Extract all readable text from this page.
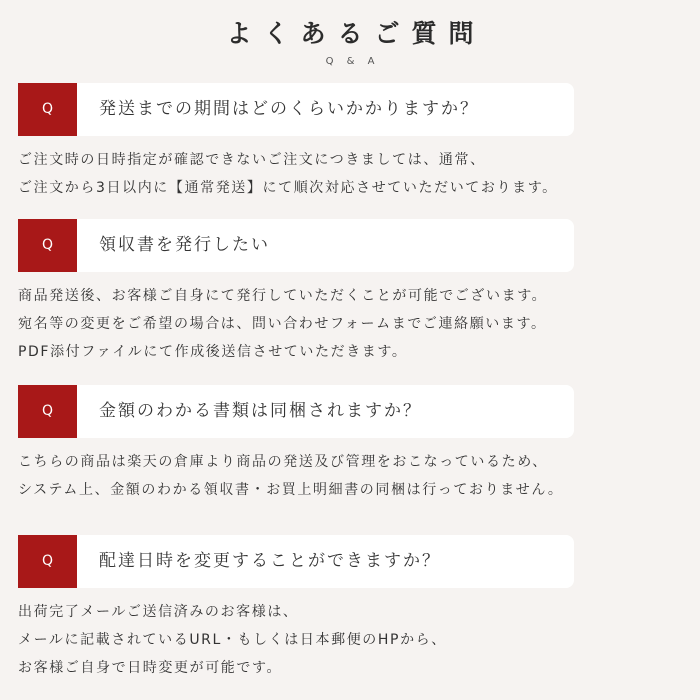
よくあるご質問
Q & A
Q	発送までの期間はどのくらいかかりますか？
ご注文時の日時指定が確認できないご注文につきましては、通常、
ご注文から3日以内に【通常発送】にて順次対応させていただいております。
Q	領収書を発行したい
商品発送後、お客様ご自身にて発行していただくことが可能でございます。
宛名等の変更をご希望の場合は、問い合わせフォームまでご連絡願います。
PDF添付ファイルにて作成後送信させていただきます。
Q	金額のわかる書類は同梱されますか？
こちらの商品は楽天の倉庫より商品の発送及び管理をおこなっているため、
システム上、金額のわかる領収書・お買上明細書の同梱は行っておりません。
Q	配達日時を変更することができますか？
出荷完了メールご送信済みのお客様は、
メールに記載されているURL・もしくは日本郵便のHPから、
お客様ご自身で日時変更が可能です。
